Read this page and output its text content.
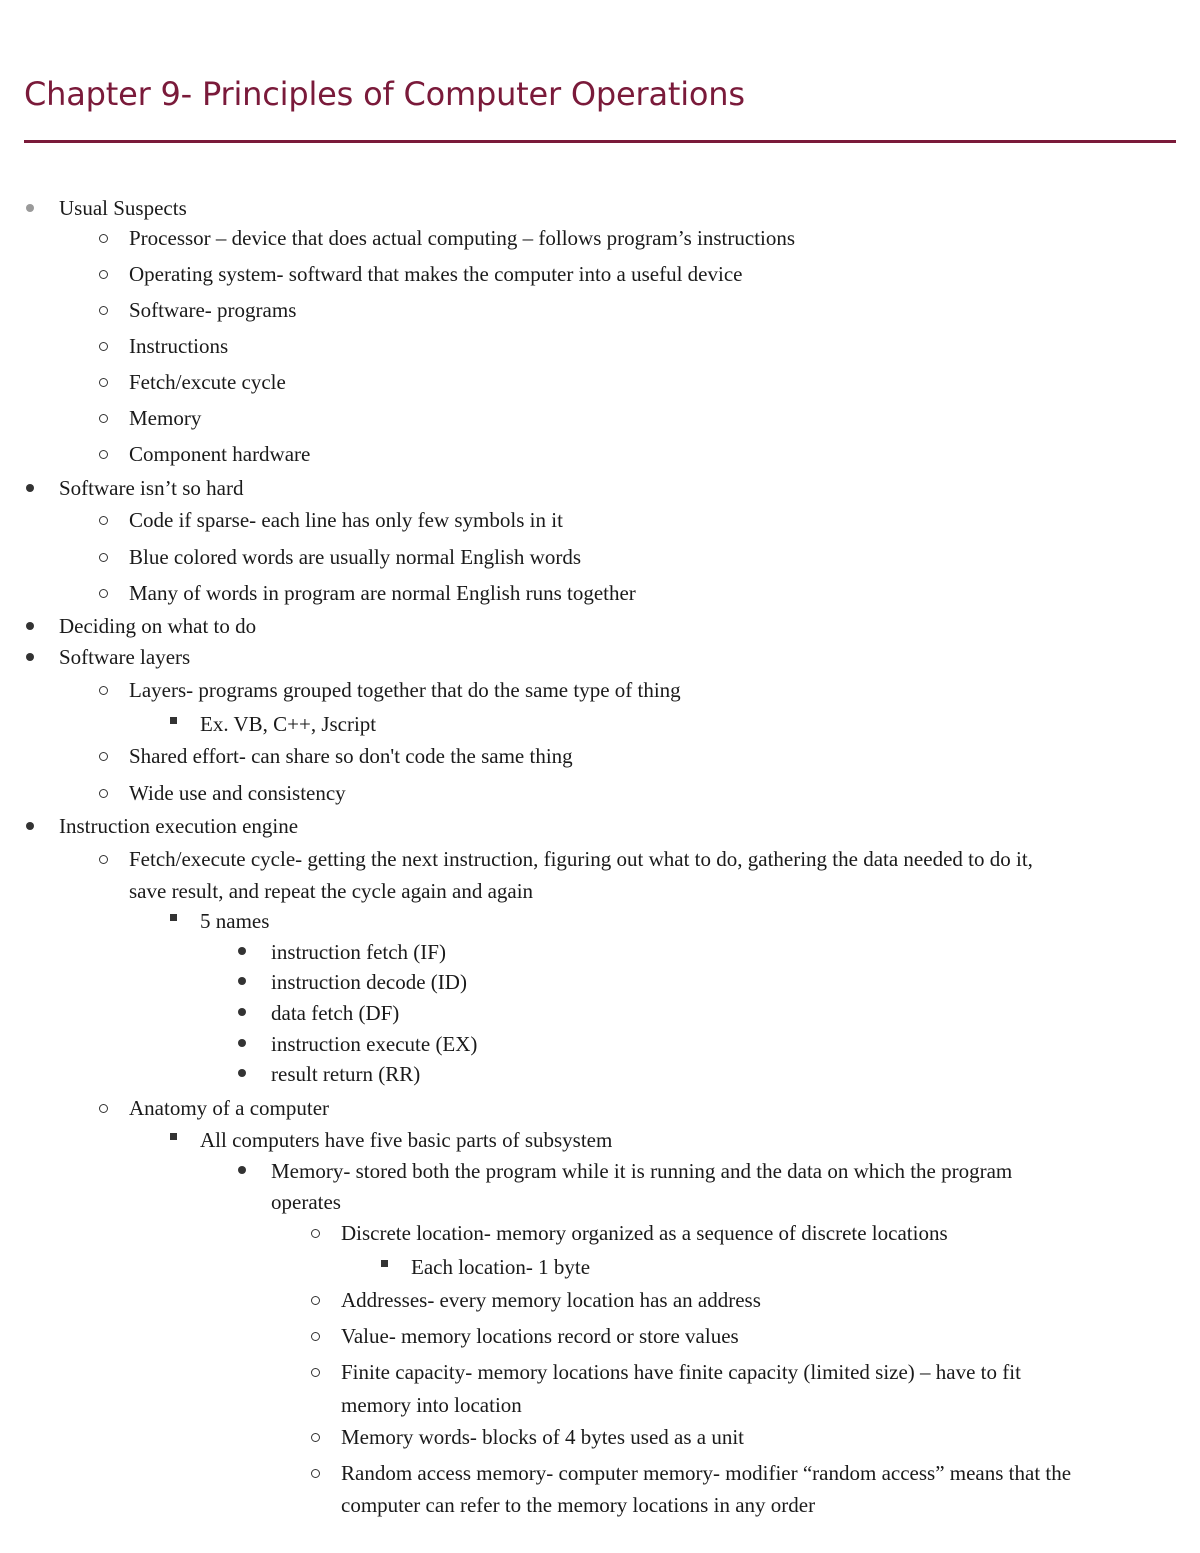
Chapter 9- Principles of Computer Operations
Usual Suspects
Processor – device that does actual computing – follows program’s instructions
Operating system- softward that makes the computer into a useful device
Software- programs
Instructions
Fetch/excute cycle
Memory
Component hardware
Software isn’t so hard
Code if sparse- each line has only few symbols in it
Blue colored words are usually normal English words
Many of words in program are normal English runs together
Deciding on what to do
Software layers
Layers- programs grouped together that do the same type of thing
Ex. VB, C++, Jscript
Shared effort- can share so don't code the same thing
Wide use and consistency
Instruction execution engine
Fetch/execute cycle- getting the next instruction, figuring out what to do, gathering the data needed to do it,
save result, and repeat the cycle again and again
5 names
instruction fetch (IF)
instruction decode (ID)
data fetch (DF)
instruction execute (EX)
result return (RR)
Anatomy of a computer
All computers have five basic parts of subsystem
Memory- stored both the program while it is running and the data on which the program
operates
Discrete location- memory organized as a sequence of discrete locations
Each location- 1 byte
Addresses- every memory location has an address
Value- memory locations record or store values
Finite capacity- memory locations have finite capacity (limited size) – have to fit
memory into location
Memory words- blocks of 4 bytes used as a unit
Random access memory- computer memory- modifier “random access” means that the
computer can refer to the memory locations in any order
